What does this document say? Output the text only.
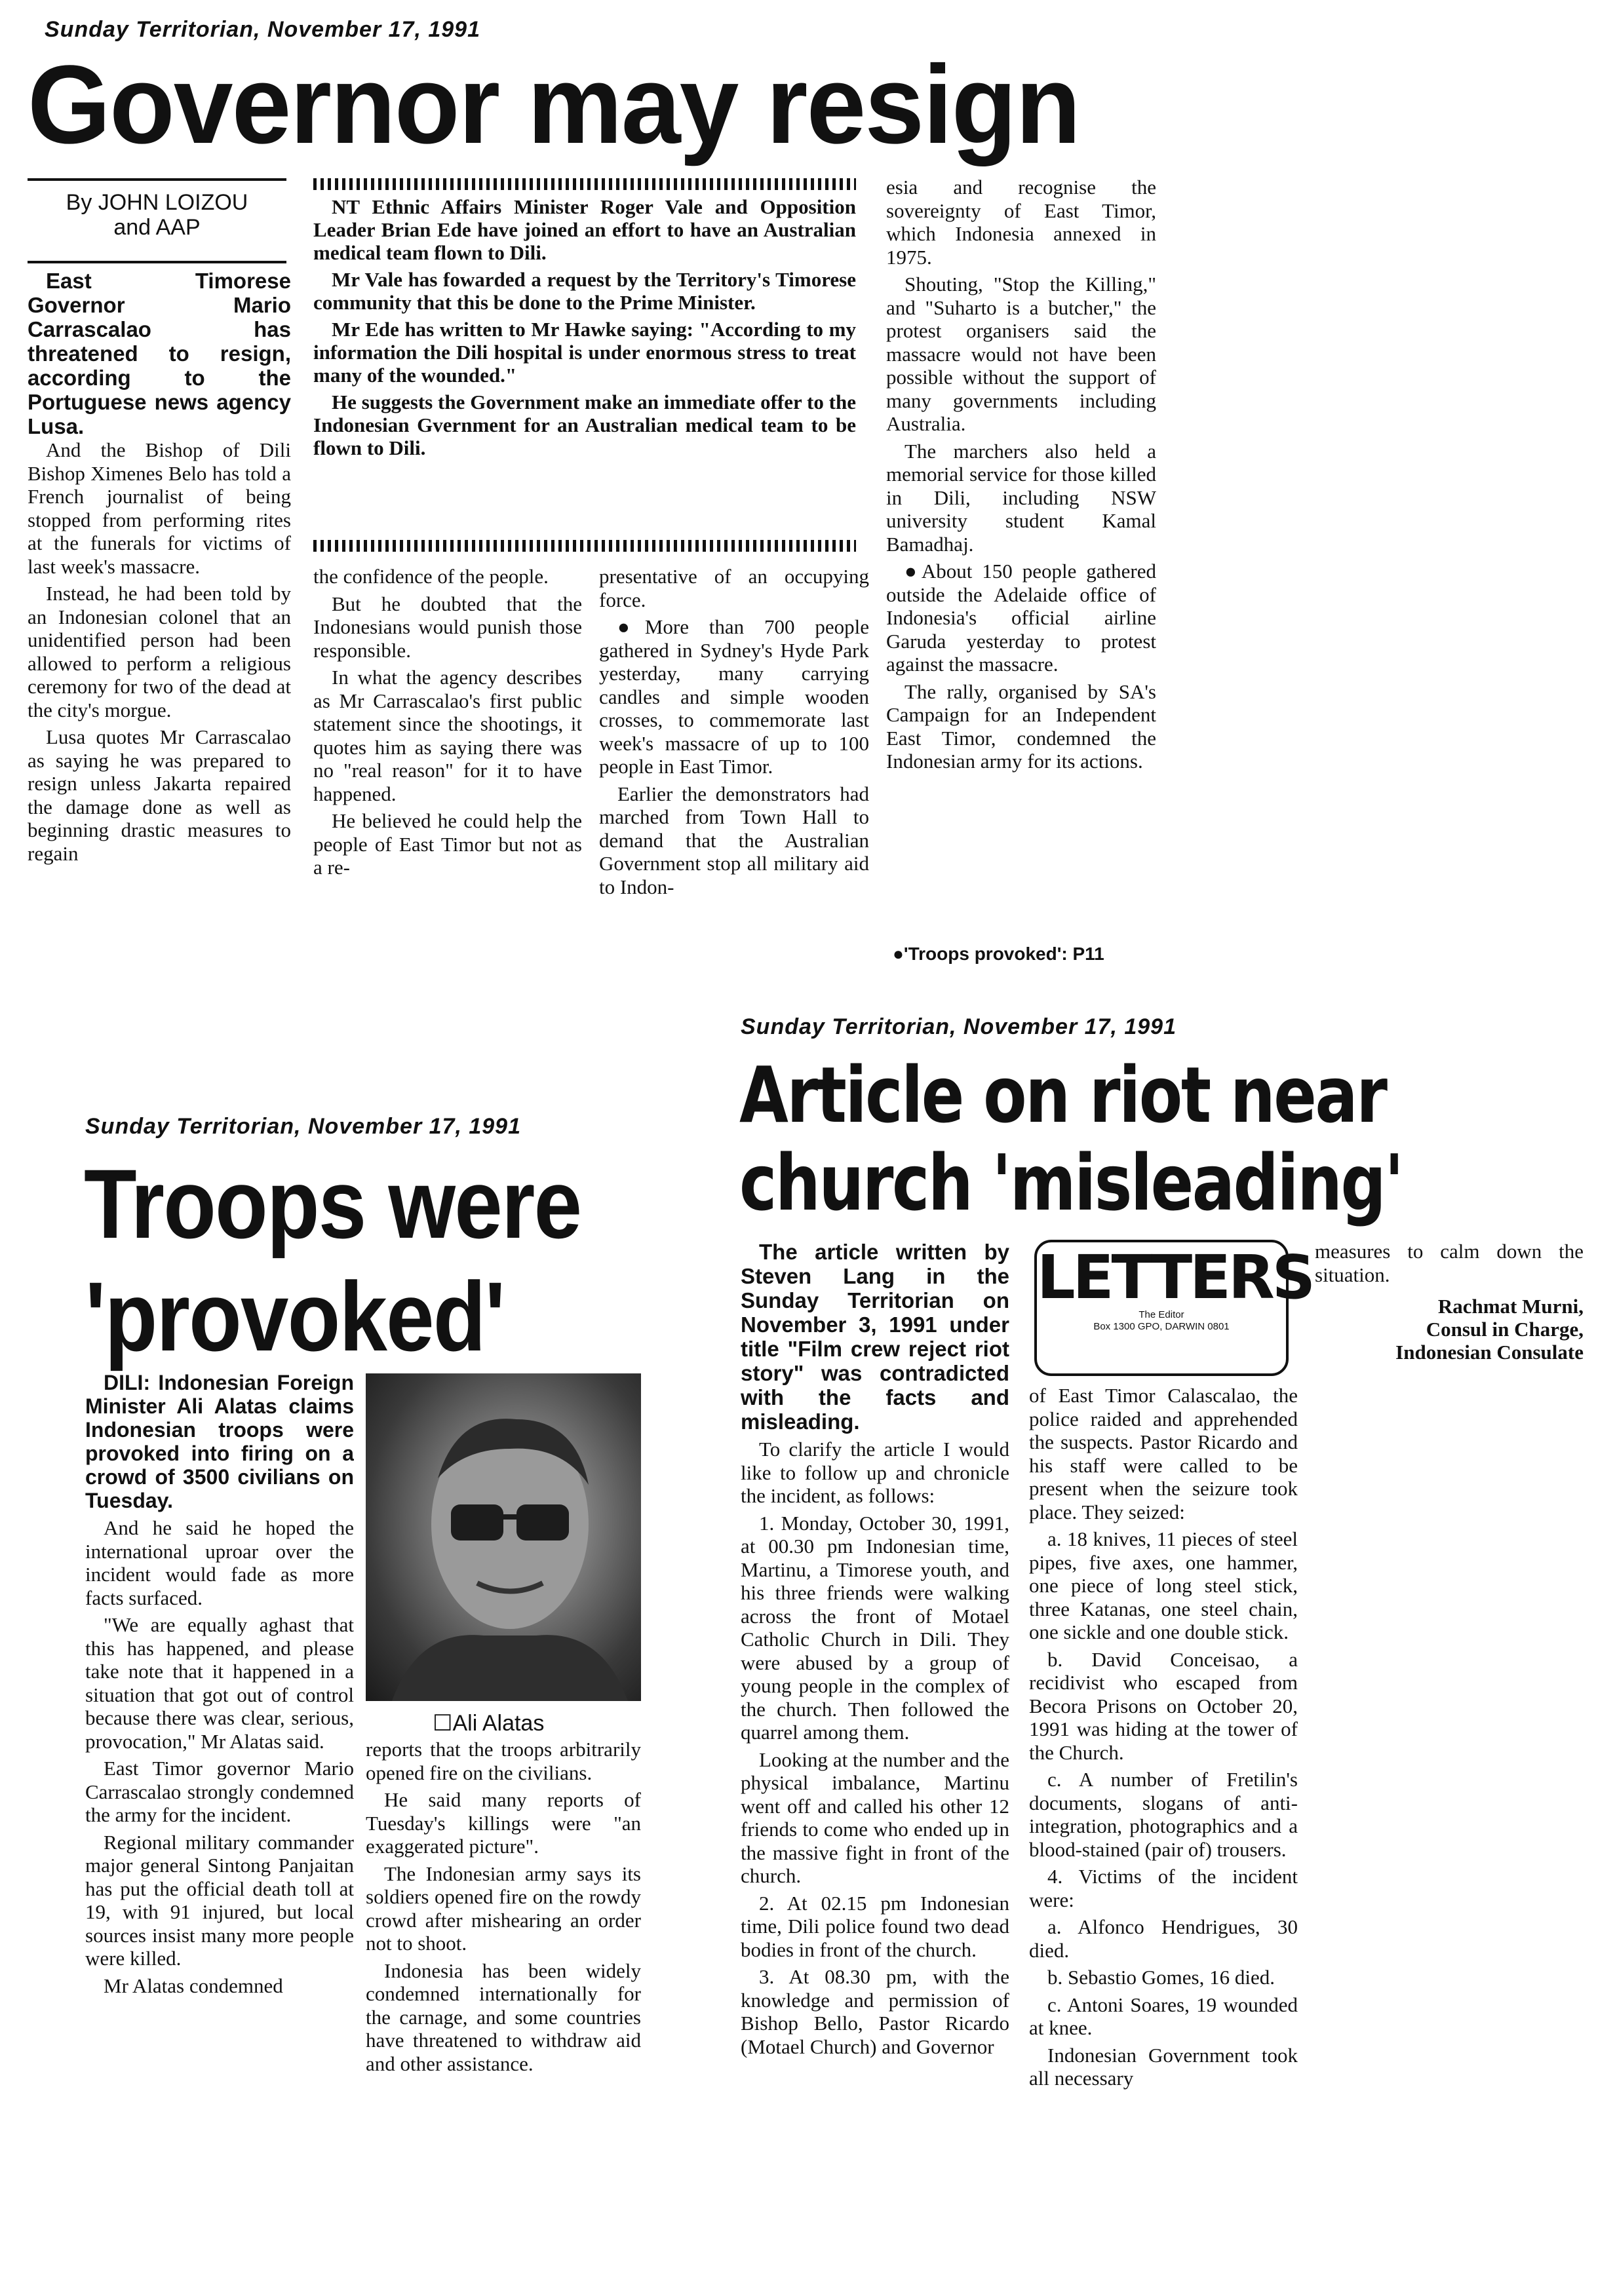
Sunday Territorian, November 17, 1991
Governor may resign
By JOHN LOIZOU
and AAP
East Timorese Governor Mario Carrascalao has threatened to resign, according to the Portuguese news agency Lusa.

And the Bishop of Dili Bishop Ximenes Belo has told a French journalist of being stopped from performing rites at the funerals for victims of last week's massacre.

Instead, he had been told by an Indonesian colonel that an unidentified person had been allowed to perform a religious ceremony for two of the dead at the city's morgue.

Lusa quotes Mr Carrascalao as saying he was prepared to resign unless Jakarta repaired the damage done as well as beginning drastic measures to regain

NT Ethnic Affairs Minister Roger Vale and Opposition Leader Brian Ede have joined an effort to have an Australian medical team flown to Dili.

Mr Vale has fowarded a request by the Territory's Timorese community that this be done to the Prime Minister.

Mr Ede has written to Mr Hawke saying: "According to my information the Dili hospital is under enormous stress to treat many of the wounded."

He suggests the Government make an immediate offer to the Indonesian Gvernment for an Australian medical team to be flown to Dili.

the confidence of the people.

But he doubted that the Indonesians would punish those responsible.

In what the agency describes as Mr Carrascalao's first public statement since the shootings, it quotes him as saying there was no "real reason" for it to have happened.

He believed he could help the people of East Timor but not as a re-

presentative of an occupying force.

●More than 700 people gathered in Sydney's Hyde Park yesterday, many carrying candles and simple wooden crosses, to commemorate last week's massacre of up to 100 people in East Timor.

Earlier the demonstrators had marched from Town Hall to demand that the Australian Government stop all military aid to Indon-

esia and recognise the sovereignty of East Timor, which Indonesia annexed in 1975.

Shouting, "Stop the Killing," and "Suharto is a butcher," the protest organisers said the massacre would not have been possible without the support of many governments including Australia.

The marchers also held a memorial service for those killed in Dili, including NSW university student Kamal Bamadhaj.

●About 150 people gathered outside the Adelaide office of Indonesia's official airline Garuda yesterday to protest against the massacre.

The rally, organised by SA's Campaign for an Independent East Timor, condemned the Indonesian army for its actions.

●'Troops provoked': P11
Sunday Territorian, November 17, 1991
Troops were
'provoked'
DILI: Indonesian Foreign Minister Ali Alatas claims Indonesian troops were provoked into firing on a crowd of 3500 civilians on Tuesday.

And he said he hoped the international uproar over the incident would fade as more facts surfaced.

"We are equally aghast that this has happened, and please take note that it happened in a situation that got out of control because there was clear, serious, provocation," Mr Alatas said.

East Timor governor Mario Carrascalao strongly condemned the army for the incident.

Regional military commander major general Sintong Panjaitan has put the official death toll at 19, with 91 injured, but local sources insist many more people were killed.

Mr Alatas condemned

☐Ali Alatas

reports that the troops arbitrarily opened fire on the civilians.

He said many reports of Tuesday's killings were "an exaggerated picture".

The Indonesian army says its soldiers opened fire on the rowdy crowd after mishearing an order not to shoot.

Indonesia has been widely condemned internationally for the carnage, and some countries have threatened to withdraw aid and other assistance.

Sunday Territorian, November 17, 1991
Article on riot near
church 'misleading'
LETTERS
The Editor
Box 1300 GPO, DARWIN 0801
The article written by Steven Lang in the Sunday Territorian on November 3, 1991 under title "Film crew reject riot story" was contradicted with the facts and misleading.

To clarify the article I would like to follow up and chronicle the incident, as follows:

1. Monday, October 30, 1991, at 00.30 pm Indonesian time, Martinu, a Timorese youth, and his three friends were walking across the front of Motael Catholic Church in Dili. They were abused by a group of young people in the complex of the church. Then followed the quarrel among them.

Looking at the number and the physical imbalance, Martinu went off and called his other 12 friends to come who ended up in the massive fight in front of the church.

2. At 02.15 pm Indonesian time, Dili police found two dead bodies in front of the church.

3. At 08.30 pm, with the knowledge and permission of Bishop Bello, Pastor Ricardo (Motael Church) and Governor

of East Timor Calascalao, the police raided and apprehended the suspects. Pastor Ricardo and his staff were called to be present when the seizure took place. They seized:

a. 18 knives, 11 pieces of steel pipes, five axes, one hammer, one piece of long steel stick, three Katanas, one steel chain, one sickle and one double stick.

b. David Conceisao, a recidivist who escaped from Becora Prisons on October 20, 1991 was hiding at the tower of the Church.

c. A number of Fretilin's documents, slogans of anti-integration, photographics and a blood-stained (pair of) trousers.

4. Victims of the incident were:

a. Alfonco Hendrigues, 30 died.

b. Sebastio Gomes, 16 died.

c. Antoni Soares, 19 wounded at knee.

Indonesian Government took all necessary

measures to calm down the situation.

Rachmat Murni,
Consul in Charge,
Indonesian Consulate
